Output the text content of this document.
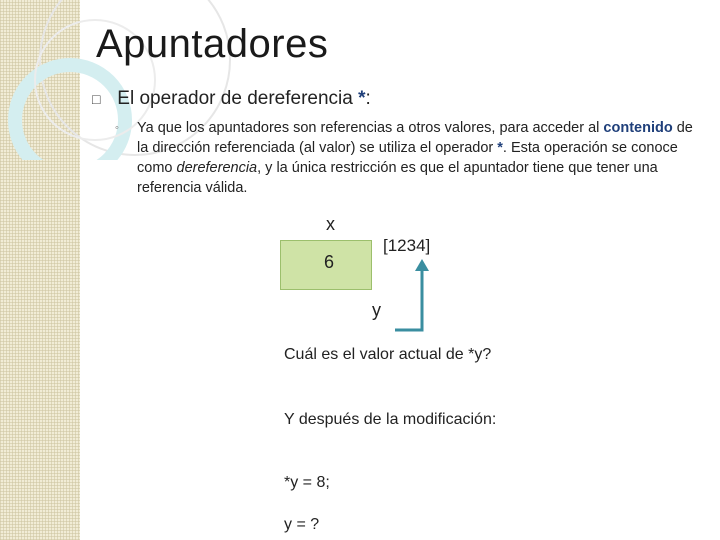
Apuntadores
□ El operador de dereferencia *:
◦ Ya que los apuntadores son referencias a otros valores, para acceder al contenido de la dirección referenciada (al valor) se utiliza el operador *. Esta operación se conoce como dereferencia, y la única restricción es que el apuntador tiene que tener una referencia válida.
x
6
[1234]
y
Cuál es el valor actual de *y?
Y después de la modificación:
*y = 8;
y = ?
